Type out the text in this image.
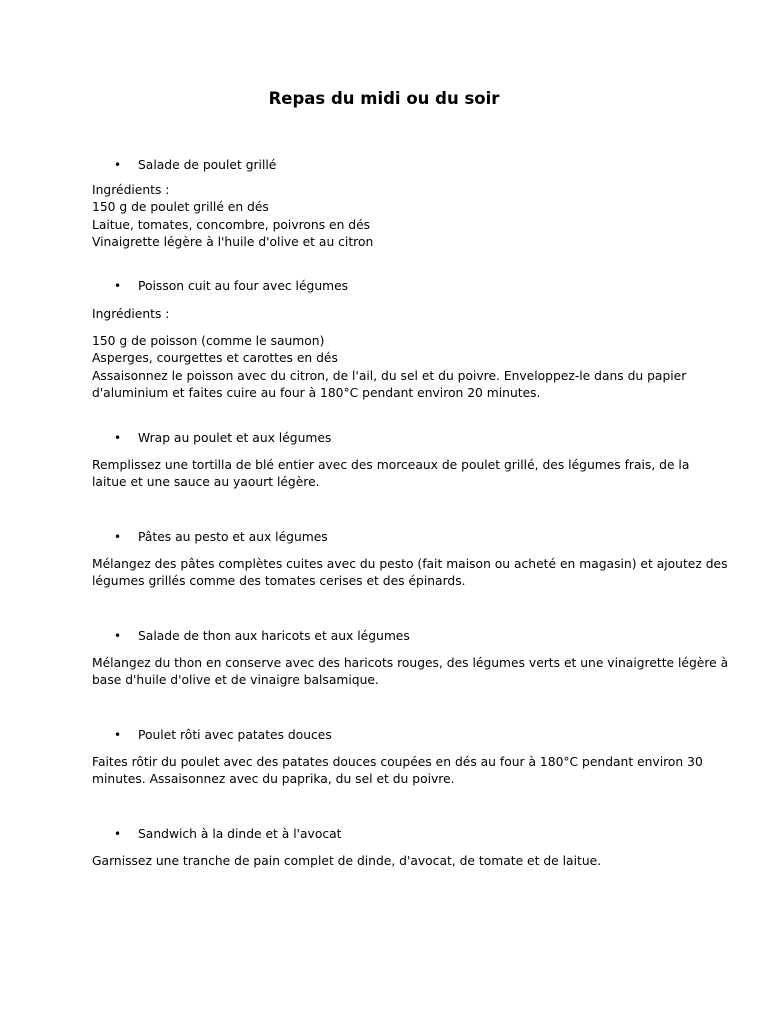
Repas du midi ou du soir
• Salade de poulet grillé
Ingrédients :
150 g de poulet grillé en dés
Laitue, tomates, concombre, poivrons en dés
Vinaigrette légère à l'huile d'olive et au citron
• Poisson cuit au four avec légumes
Ingrédients :
150 g de poisson (comme le saumon)
Asperges, courgettes et carottes en dés
Assaisonnez le poisson avec du citron, de l'ail, du sel et du poivre. Enveloppez-le dans du papier
d'aluminium et faites cuire au four à 180°C pendant environ 20 minutes.
• Wrap au poulet et aux légumes
Remplissez une tortilla de blé entier avec des morceaux de poulet grillé, des légumes frais, de la
laitue et une sauce au yaourt légère.
• Pâtes au pesto et aux légumes
Mélangez des pâtes complètes cuites avec du pesto (fait maison ou acheté en magasin) et ajoutez des
légumes grillés comme des tomates cerises et des épinards.
• Salade de thon aux haricots et aux légumes
Mélangez du thon en conserve avec des haricots rouges, des légumes verts et une vinaigrette légère à
base d'huile d'olive et de vinaigre balsamique.
• Poulet rôti avec patates douces
Faites rôtir du poulet avec des patates douces coupées en dés au four à 180°C pendant environ 30
minutes. Assaisonnez avec du paprika, du sel et du poivre.
• Sandwich à la dinde et à l'avocat
Garnissez une tranche de pain complet de dinde, d'avocat, de tomate et de laitue.
